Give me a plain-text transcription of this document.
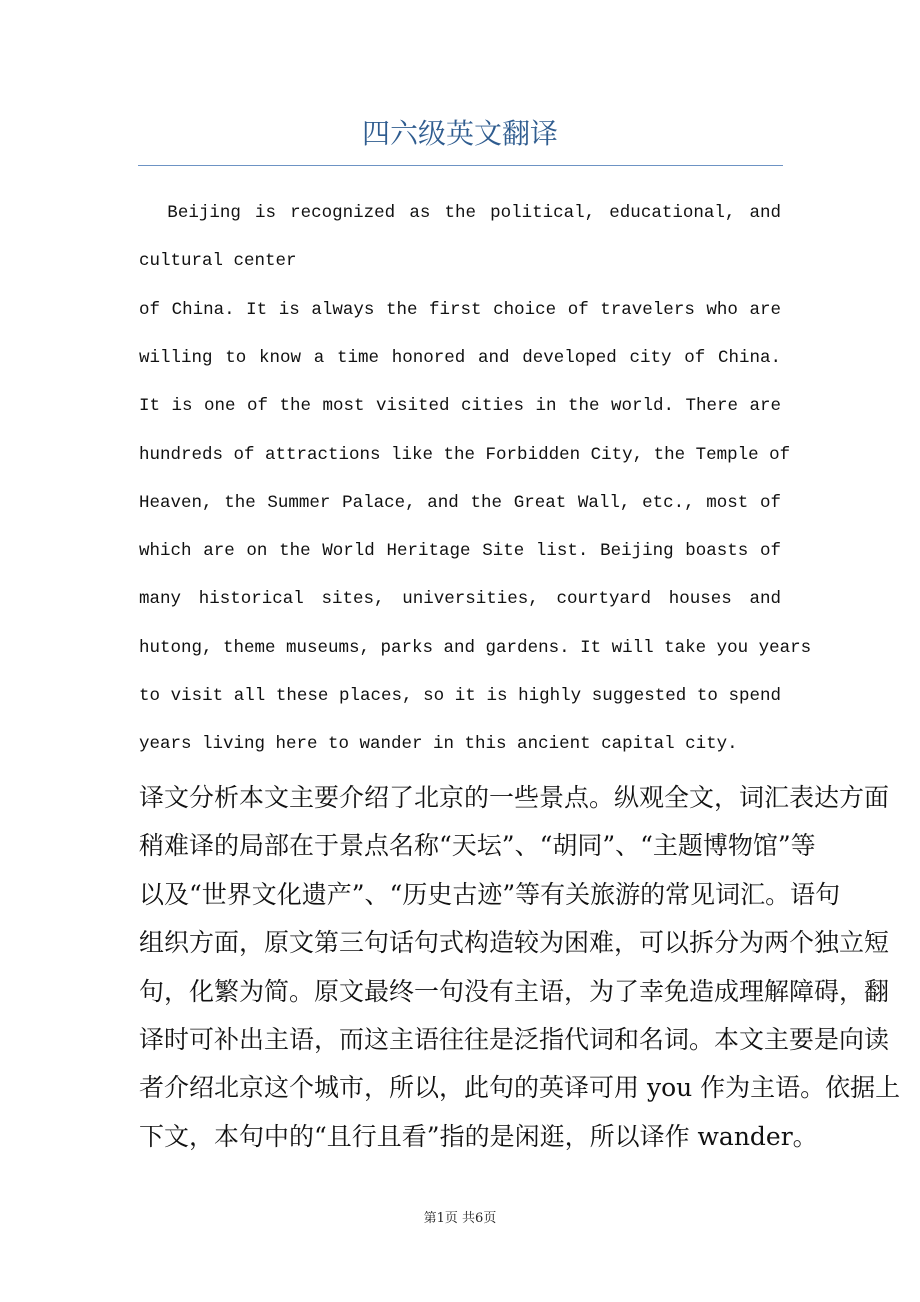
四六级英文翻译
Beijing is recognized as the political, educational, and
cultural center
of China. It is always the first choice of travelers who are
willing to know a time honored and developed city of China.
It is one of the most visited cities in the world. There are
hundreds of attractions like the Forbidden City, the Temple of
Heaven, the Summer Palace, and the Great Wall, etc., most of
which are on the World Heritage Site list. Beijing boasts of
many historical sites, universities, courtyard houses and
hutong, theme museums, parks and gardens. It will take you years
to visit all these places, so it is highly suggested to spend
years living here to wander in this ancient capital city.
译文分析本文主要介绍了北京的一些景点。纵观全文，词汇表达方面
稍难译的局部在于景点名称“天坛”、“胡同”、“主题博物馆”等
以及“世界文化遗产”、“历史古迹”等有关旅游的常见词汇。语句
组织方面，原文第三句话句式构造较为困难，可以拆分为两个独立短
句，化繁为简。原文最终一句没有主语，为了幸免造成理解障碍，翻
译时可补出主语，而这主语往往是泛指代词和名词。本文主要是向读
者介绍北京这个城市，所以，此句的英译可用 you 作为主语。依据上
下文，本句中的“且行且看”指的是闲逛，所以译作 wander。
第1页 共6页
